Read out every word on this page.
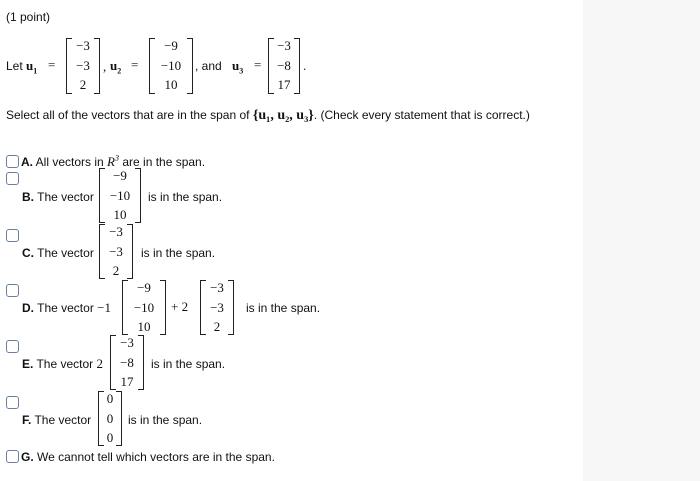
(1 point)
Let $u_1$ =
−3
−3
2
, $u_2$ =
−9
−10
10
, and $u_3$ =
−3
−8
17
.
Select all of the vectors that are in the span of {u₁, u₂, u₃}. (Check every statement that is correct.)
A. All vectors in $R^3$ are in the span.
B. The vector
−9
−10
10
is in the span.
C. The vector
−3
−3
2
is in the span.
D. The vector −1
−9
−10
10
+ 2
−3
−3
2
is in the span.
E. The vector 2
−3
−8
17
is in the span.
F. The vector
0
0
0
is in the span.
G. We cannot tell which vectors are in the span.
